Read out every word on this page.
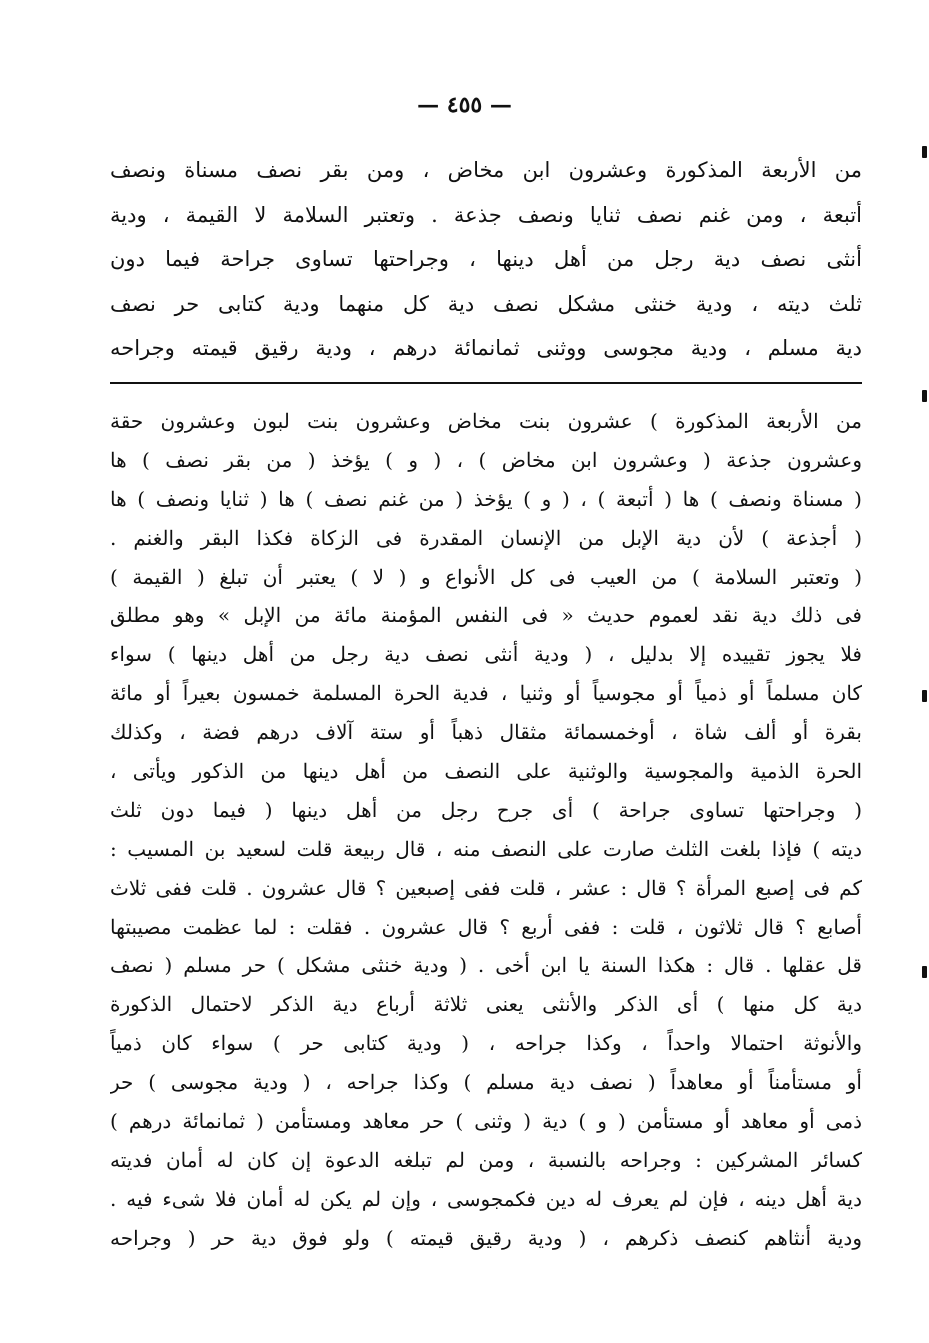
— ٤٥٥ —
من الأربعة المذكورة وعشرون ابن مخاض ، ومن بقر نصف مسناة ونصف
أتبعة ، ومن غنم نصف ثنايا ونصف جذعة . وتعتبر السلامة لا القيمة ، ودية
أنثى نصف دية رجل من أهل دينها ، وجراحتها تساوى جراحة فيما دون
ثلث ديته ، ودية خنثى مشكل نصف دية كل منهما ودية كتابى حر نصف
دية مسلم ، ودية مجوسى ووثنى ثمانمائة درهم ، ودية رقيق قيمته وجراحه
من الأربعة المذكورة ) عشرون بنت مخاض وعشرون بنت لبون وعشرون حقة
وعشرون جذعة ( وعشرون ابن مخاض ) ، ( و ) يؤخذ ( من بقر نصف ) ها
( مسناة ونصف ) ها ( أتبعة ) ، ( و ) يؤخذ ( من غنم نصف ) ها ( ثنايا ونصف ) ها
( أجذعة ) لأن دية الإبل من الإنسان المقدرة فى الزكاة فكذا البقر والغنم .
( وتعتبر السلامة ) من العيب فى كل الأنواع و ( لا ) يعتبر أن تبلغ ( القيمة )
فى ذلك دية نقد لعموم حديث « فى النفس المؤمنة مائة من الإبل » وهو مطلق
فلا يجوز تقييده إلا بدليل ، ( ودية أنثى نصف دية رجل من أهل دينها ) سواء
كان مسلماً أو ذمياً أو مجوسياً أو وثنيا ، فدية الحرة المسلمة خمسون بعيراً أو مائة
بقرة أو ألف شاة ، أوخمسمائة مثقال ذهباً أو ستة آلاف درهم فضة ، وكذلك
الحرة الذمية والمجوسية والوثنية على النصف من أهل دينها من الذكور ويأتى ،
( وجراحتها تساوى جراحة ) أى جرح رجل من أهل دينها ( فيما دون ثلث
ديته ) فإذا بلغت الثلث صارت على النصف منه ، قال ربيعة قلت لسعيد بن المسيب :
كم فى إصبع المرأة ؟ قال : عشر ، قلت ففى إصبعين ؟ قال عشرون . قلت ففى ثلاث
أصابع ؟ قال ثلاثون ، قلت : ففى أربع ؟ قال عشرون . فقلت : لما عظمت مصيبتها
قل عقلها . قال : هكذا السنة يا ابن أخى . ( ودية خنثى مشكل ) حر مسلم ( نصف
دية كل منها ) أى الذكر والأنثى يعنى ثلاثة أرباع دية الذكر لاحتمال الذكورة
والأنوثة احتمالا واحداً ، وكذا جراحه ، ( ودية كتابى حر ) سواء كان ذمياً
أو مستأمناً أو معاهداً ( نصف دية مسلم ) وكذا جراحه ، ( ودية مجوسى ) حر
ذمى أو معاهد أو مستأمن ( و ) دية ( وثنى ) حر معاهد ومستأمن ( ثمانمائة درهم )
كسائر المشركين : وجراحه بالنسبة ، ومن لم تبلغه الدعوة إن كان له أمان فديته
دية أهل دينه ، فإن لم يعرف له دين فكمجوسى ، وإن لم يكن له أمان فلا شىء فيه .
ودية أنثاهم كنصف ذكرهم ، ( ودية رقيق قيمته ) ولو فوق دية حر ( وجراحه
